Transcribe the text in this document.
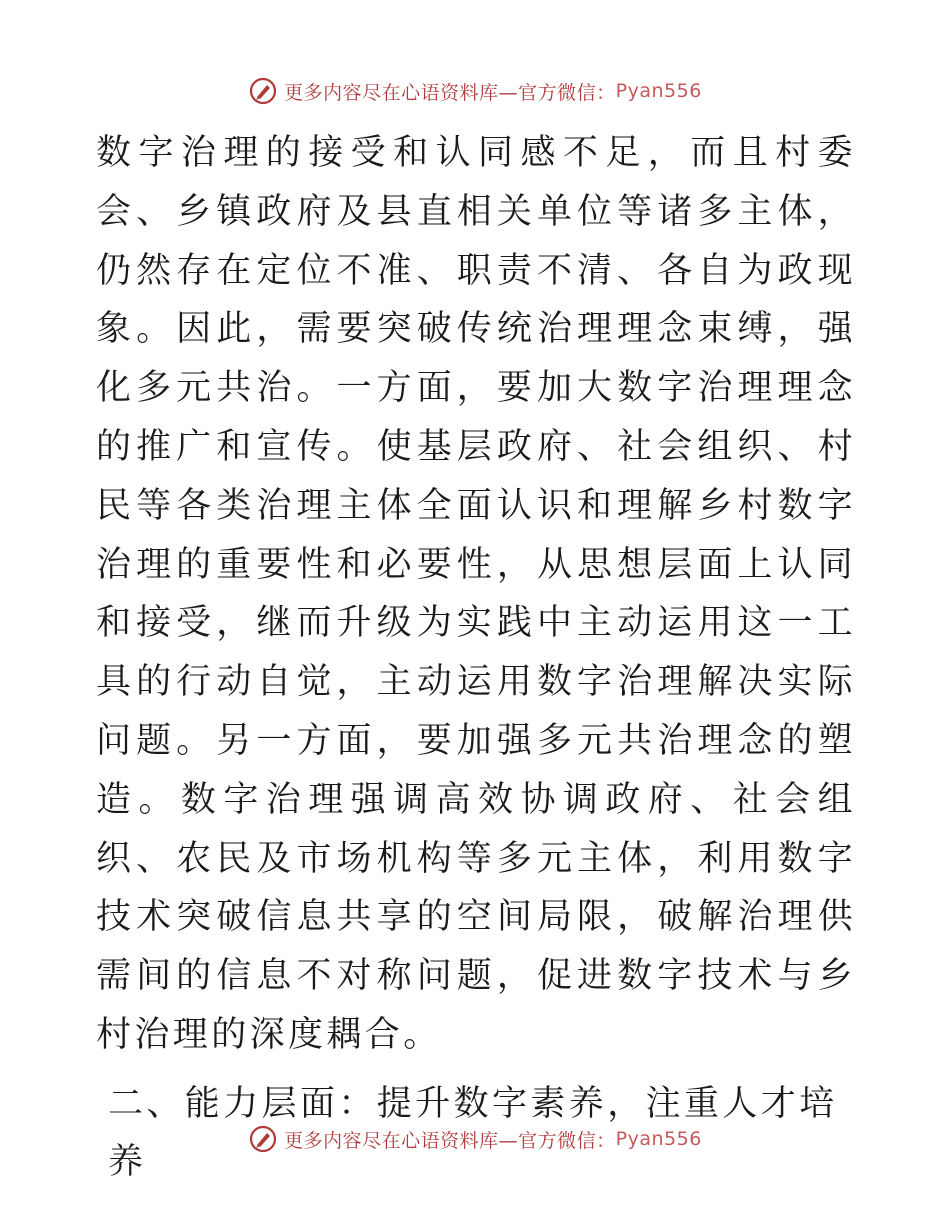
更多内容尽在心语资料库—官方微信： Pyan556

数字治理的接受和认同感不足，而且村委会、乡镇政府及县直相关单位等诸多主体，仍然存在定位不准、职责不清、各自为政现象。因此，需要突破传统治理理念束缚，强化多元共治。一方面，要加大数字治理理念的推广和宣传。使基层政府、社会组织、村民等各类治理主体全面认识和理解乡村数字治理的重要性和必要性，从思想层面上认同和接受，继而升级为实践中主动运用这一工具的行动自觉，主动运用数字治理解决实际问题。另一方面，要加强多元共治理念的塑造。数字治理强调高效协调政府、社会组织、农民及市场机构等多元主体，利用数字技术突破信息共享的空间局限，破解治理供需间的信息不对称问题，促进数字技术与乡村治理的深度耦合。

二、能力层面：提升数字素养，注重人才培养

更多内容尽在心语资料库—官方微信： Pyan556
